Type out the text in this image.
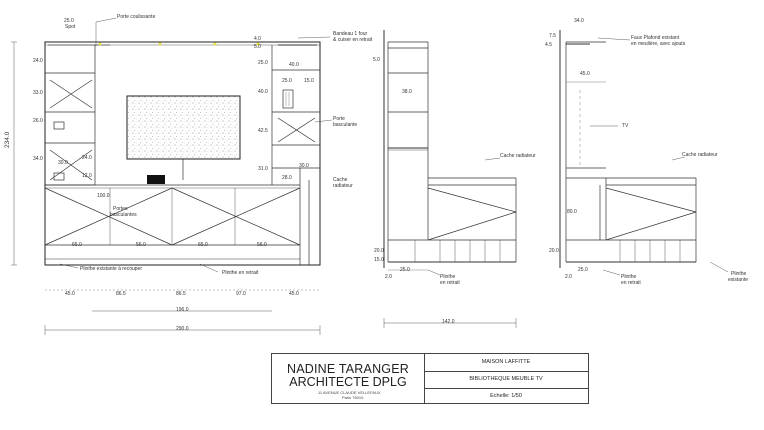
25.0
Spot
Porte coulissante
4.0
5.0
Bandeau 1 four
& cuiser en retrait
24.0
33.0
26.0
34.0
30.0
24.0
12.0
234.0
25.0
40.0
42.5
31.0
28.0
40.0
25.0 15.0
30.0
Porte
basculante
Cache
radiateur
100.0
Portes
basculantes
65.0	56.0	65.0	56.0
Plinthe existante à recouper
Plinthe en retrait
45.0	86.5	86.5	97.0	45.0
196.0
290.0
5.0
38.0
Cache radiateur
20.0
15.0
25.0
2.0	Plinthe
en retrait
142.0
34.0
7.5
4.5
Faux Plafond existant
en meulière, avec ajouts
45.0
TV
Cache radiateur
80.0
20.0
25.0
2.0	Plinthe
en retrait
Plinthe
existante
NADINE TARANGER
ARCHITECTE DPLG
11 AVENUE CLAUDE VELLEFAUX
Paris 75010
MAISON LAFFITTE
BIBLIOTHEQUE MEUBLE TV
Echelle: 1/50
